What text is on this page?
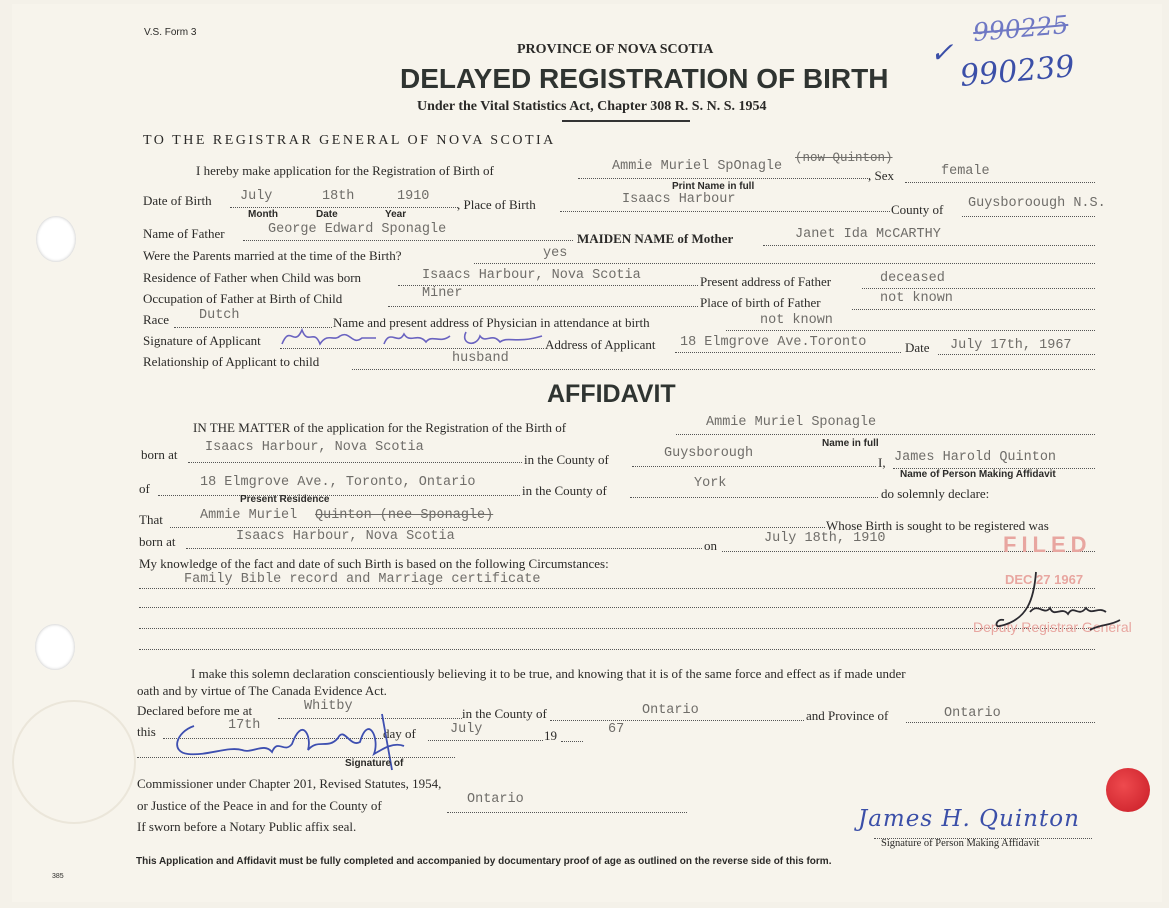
V.S. Form 3
PROVINCE OF NOVA SCOTIA
DELAYED REGISTRATION OF BIRTH
Under the Vital Statistics Act, Chapter 308 R. S. N. S. 1954
990225
990239
✓
TO THE REGISTRAR GENERAL OF NOVA SCOTIA
I hereby make application for the Registration of Birth of	Ammie Muriel SpOnagle
(now Quinton)
Print Name in full
, Sex	female
Date of Birth July	18th	1910
Month	Date	Year
, Place of Birth	Isaacs Harbour
County of Guysboroough N.S.
Name of Father	George Edward Sponagle
MAIDEN NAME of Mother	Janet Ida McCARTHY
Were the Parents married at the time of the Birth?	yes
Residence of Father when Child was born	Isaacs Harbour, Nova Scotia	Present address of Father	deceased
Occupation of Father at Birth of Child	Miner
Place of birth of Father	not known
Race Dutch	Name and present address of Physician in attendance at birth	not known
Signature of Applicant	Address of Applicant 18 Elmgrove Ave.Toronto	Date July 17th, 1967
Relationship of Applicant to child	husband
AFFIDAVIT
IN THE MATTER of the application for the Registration of the Birth of	Ammie Muriel Sponagle
Name in full
born at Isaacs Harbour, Nova Scotia
in the County of	Guysborough
I, James Harold Quinton
Name of Person Making Affidavit
of	18 Elmgrove Ave., Toronto, Ontario
Present Residence
in the County of	York
do solemnly declare:
That	Ammie Muriel Quinton (nee Sponagle)
Whose Birth is sought to be registered was
born at	Isaacs Harbour, Nova Scotia
on	July 18th, 1910
My knowledge of the fact and date of such Birth is based on the following Circumstances:
Family Bible record and Marriage certificate
FILED
DEC 27 1967
Deputy Registrar General
I make this solemn declaration conscientiously believing it to be true, and knowing that it is of the same force and effect as if made under
oath and by virtue of The Canada Evidence Act.
Declared before me at	Whitby	in the County of	Ontario	and Province of	Ontario
this	17th
day of	July	19	67
Signature of
Commissioner under Chapter 201, Revised Statutes, 1954,
or Justice of the Peace in and for the County of	Ontario
If sworn before a Notary Public affix seal.	James H. Quinton
Signature of Person Making Affidavit
This Application and Affidavit must be fully completed and accompanied by documentary proof of age as outlined on the reverse side of this form.
385
